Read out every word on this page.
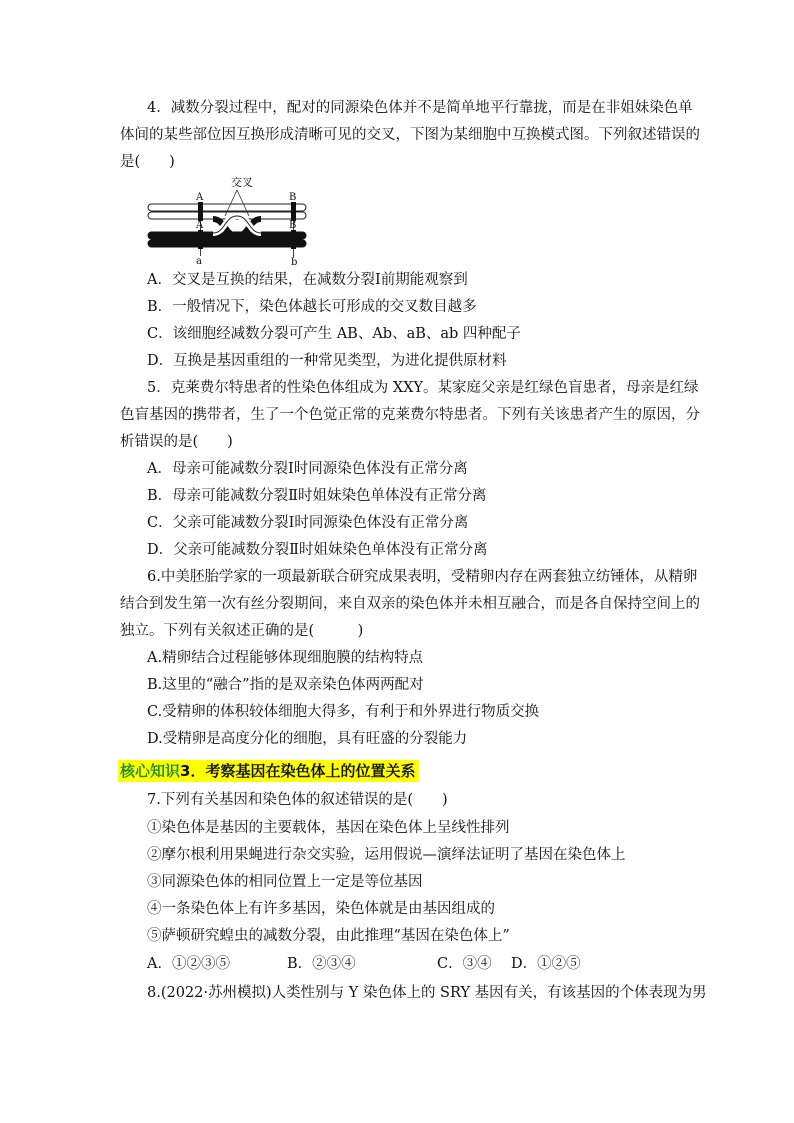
4．减数分裂过程中，配对的同源染色体并不是简单地平行靠拢，而是在非姐妹染色单
体间的某些部位因互换形成清晰可见的交叉，下图为某细胞中互换模式图。下列叙述错误的
是(　　)
交叉
A
A
a
a
B
B
b
b
A．交叉是互换的结果，在减数分裂Ⅰ前期能观察到
B．一般情况下，染色体越长可形成的交叉数目越多
C．该细胞经减数分裂可产生 AB、Ab、aB、ab 四种配子
D．互换是基因重组的一种常见类型，为进化提供原材料
5．克莱费尔特患者的性染色体组成为 XXY。某家庭父亲是红绿色盲患者，母亲是红绿
色盲基因的携带者，生了一个色觉正常的克莱费尔特患者。下列有关该患者产生的原因，分
析错误的是(　　)
A．母亲可能减数分裂Ⅰ时同源染色体没有正常分离
B．母亲可能减数分裂Ⅱ时姐妹染色单体没有正常分离
C．父亲可能减数分裂Ⅰ时同源染色体没有正常分离
D．父亲可能减数分裂Ⅱ时姐妹染色单体没有正常分离
6.中美胚胎学家的一项最新联合研究成果表明，受精卵内存在两套独立纺锤体，从精卵
结合到发生第一次有丝分裂期间，来自双亲的染色体并未相互融合，而是各自保持空间上的
独立。下列有关叙述正确的是(　　　)
A.精卵结合过程能够体现细胞膜的结构特点
B.这里的“融合”指的是双亲染色体两两配对
C.受精卵的体积较体细胞大得多，有利于和外界进行物质交换
D.受精卵是高度分化的细胞，具有旺盛的分裂能力
核心知识3．考察基因在染色体上的位置关系
7.下列有关基因和染色体的叙述错误的是(　　)
①染色体是基因的主要载体，基因在染色体上呈线性排列
②摩尔根利用果蝇进行杂交实验，运用假说—演绎法证明了基因在染色体上
③同源染色体的相同位置上一定是等位基因
④一条染色体上有许多基因，染色体就是由基因组成的
⑤萨顿研究蝗虫的减数分裂，由此推理“基因在染色体上”
A．①②③⑤	B．②③④	C．③④ D．①②⑤
8.(2022·苏州模拟)人类性别与 Y 染色体上的 SRY 基因有关，有该基因的个体表现为男
